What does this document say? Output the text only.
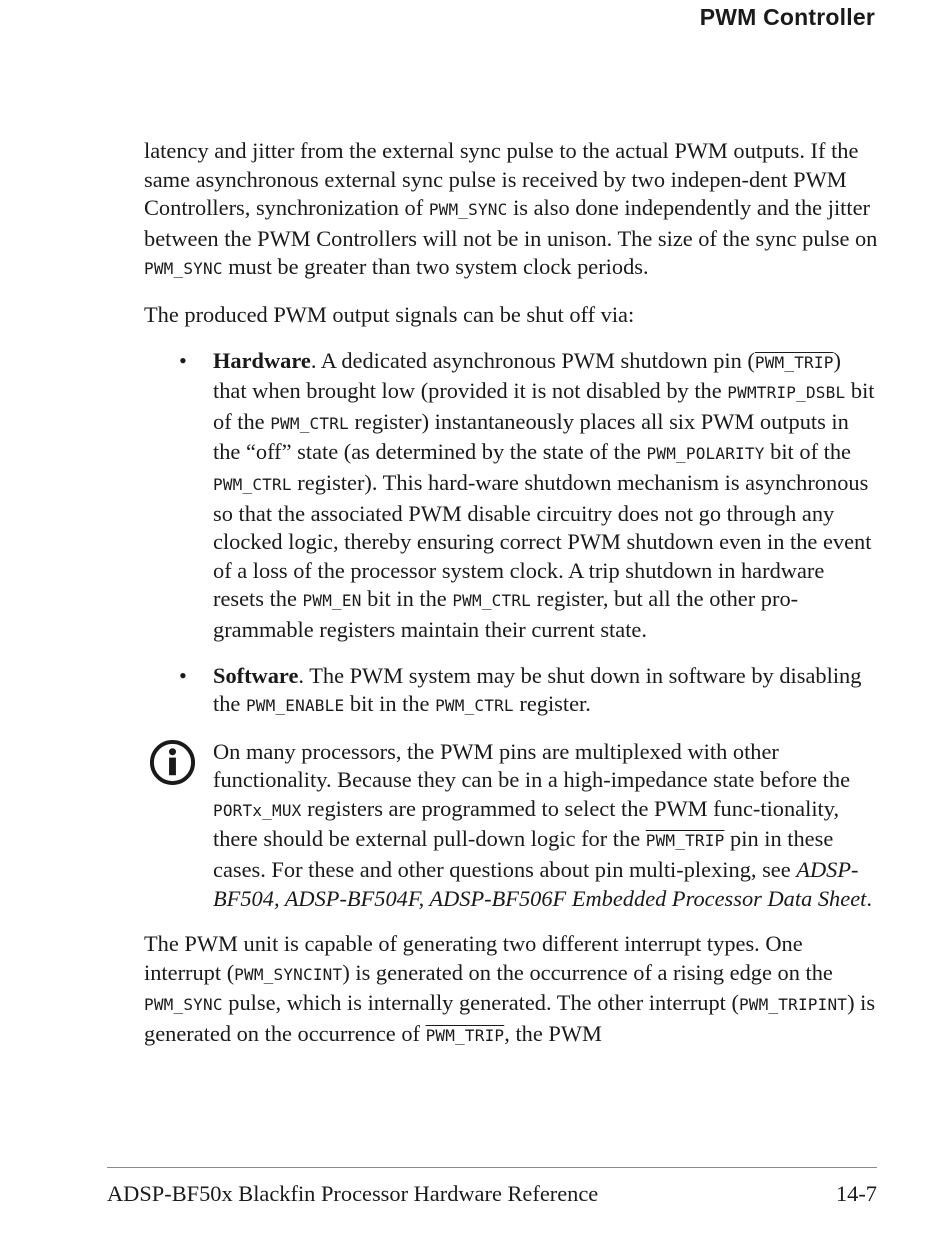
PWM Controller

latency and jitter from the external sync pulse to the actual PWM outputs. If the same asynchronous external sync pulse is received by two indepen-dent PWM Controllers, synchronization of PWM_SYNC is also done independently and the jitter between the PWM Controllers will not be in unison. The size of the sync pulse on PWM_SYNC must be greater than two system clock periods.

The produced PWM output signals can be shut off via:

• Hardware. A dedicated asynchronous PWM shutdown pin (PWM_TRIP) that when brought low (provided it is not disabled by the PWMTRIP_DSBL bit of the PWM_CTRL register) instantaneously places all six PWM outputs in the “off” state (as determined by the state of the PWM_POLARITY bit of the PWM_CTRL register). This hard-ware shutdown mechanism is asynchronous so that the associated PWM disable circuitry does not go through any clocked logic, thereby ensuring correct PWM shutdown even in the event of a loss of the processor system clock. A trip shutdown in hardware resets the PWM_EN bit in the PWM_CTRL register, but all the other pro-grammable registers maintain their current state.
• Software. The PWM system may be shut down in software by disabling the PWM_ENABLE bit in the PWM_CTRL register.
On many processors, the PWM pins are multiplexed with other functionality. Because they can be in a high-impedance state before the PORTx_MUX registers are programmed to select the PWM func-tionality, there should be external pull-down logic for the PWM_TRIP pin in these cases. For these and other questions about pin multi-plexing, see ADSP-BF504, ADSP-BF504F, ADSP-BF506F Embedded Processor Data Sheet.

The PWM unit is capable of generating two different interrupt types. One interrupt (PWM_SYNCINT) is generated on the occurrence of a rising edge on the PWM_SYNC pulse, which is internally generated. The other interrupt (PWM_TRIPINT) is generated on the occurrence of PWM_TRIP, the PWM

ADSP-BF50x Blackfin Processor Hardware Reference	14-7
